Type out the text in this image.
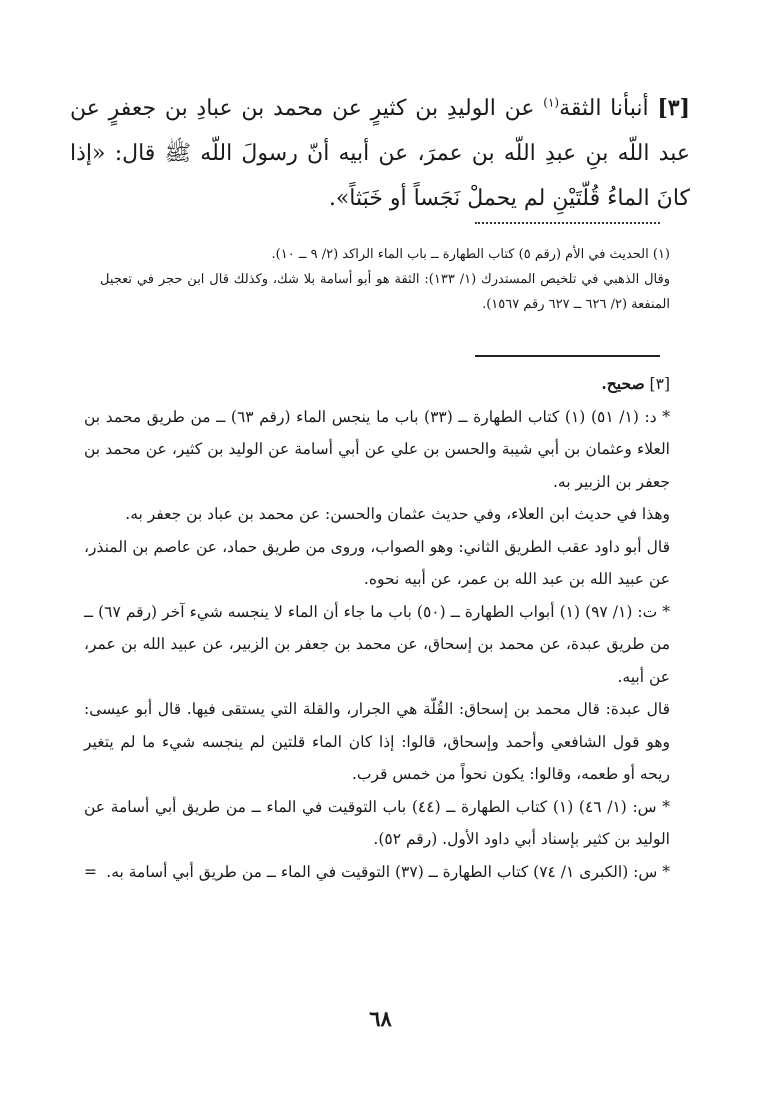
[٣] أنبأنا الثقة$^{(١)}$ عن الوليدِ بن كثيرٍ عن محمد بن عبادِ بن جعفرٍ عن عبد اللّه بنِ عبدِ اللّه بن عمرَ، عن أبيه أنّ رسولَ اللّه ﷺ قال: «إذا كانَ الماءُ قُلّتَيْنِ لم يحملْ نَجَساً أو خَبَثاً».

(١) الحديث في الأم (رقم ٥) كتاب الطهارة ــ باب الماء الراكد (٢/ ٩ ــ ١٠).

وقال الذهبي في تلخيص المستدرك (١/ ١٣٣): الثقة هو أبو أسامة بلا شك، وكذلك قال ابن حجر في تعجيل المنفعة (٢/ ٦٢٦ ــ ٦٢٧ رقم ١٥٦٧).

[٣] صحيح.

* د: (١/ ٥١) (١) كتاب الطهارة ــ (٣٣) باب ما ينجس الماء (رقم ٦٣) ــ من طريق محمد بن العلاء وعثمان بن أبي شيبة والحسن بن علي عن أبي أسامة عن الوليد بن كثير، عن محمد بن جعفر بن الزبير به.

وهذا في حديث ابن العلاء، وفي حديث عثمان والحسن: عن محمد بن عباد بن جعفر به.

قال أبو داود عقب الطريق الثاني: وهو الصواب، وروى من طريق حماد، عن عاصم بن المنذر، عن عبيد الله بن عبد الله بن عمر، عن أبيه نحوه.

* ت: (١/ ٩٧) (١) أبواب الطهارة ــ (٥٠) باب ما جاء أن الماء لا ينجسه شيء آخر (رقم ٦٧) ــ من طريق عبدة، عن محمد بن إسحاق، عن محمد بن جعفر بن الزبير، عن عبيد الله بن عمر، عن أبيه.

قال عبدة: قال محمد بن إسحاق: القُلّة هي الجرار، والقلة التي يستقى فيها. قال أبو عيسى: وهو قول الشافعي وأحمد وإسحاق، قالوا: إذا كان الماء قلتين لم ينجسه شيء ما لم يتغير ريحه أو طعمه، وقالوا: يكون نحواً من خمس قرب.

* س: (١/ ٤٦) (١) كتاب الطهارة ــ (٤٤) باب التوقيت في الماء ــ من طريق أبي أسامة عن الوليد بن كثير بإسناد أبي داود الأول. (رقم ٥٢).

* س: (الكبرى ١/ ٧٤) كتاب الطهارة ــ (٣٧) التوقيت في الماء ــ من طريق أبي أسامة به.

=

٦٨
